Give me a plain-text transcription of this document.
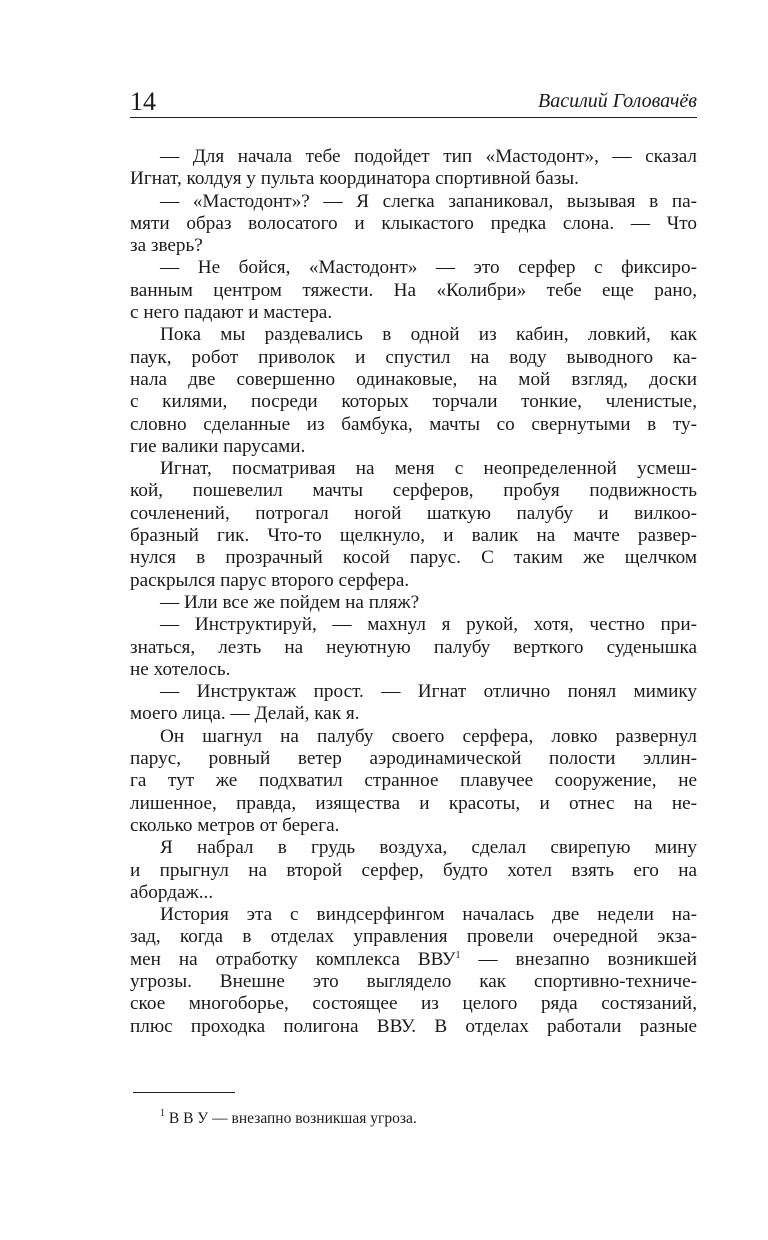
14	Василий Головачёв
— Для начала тебе подойдет тип «Мастодонт», — сказал
Игнат, колдуя у пульта координатора спортивной базы.
— «Мастодонт»? — Я слегка запаниковал, вызывая в па-
мяти образ волосатого и клыкастого предка слона. — Что
за зверь?
— Не бойся, «Мастодонт» — это серфер с фиксиро-
ванным центром тяжести. На «Колибри» тебе еще рано,
с него падают и мастера.
Пока мы раздевались в одной из кабин, ловкий, как
паук, робот приволок и спустил на воду выводного ка-
нала две совершенно одинаковые, на мой взгляд, доски
с килями, посреди которых торчали тонкие, членистые,
словно сделанные из бамбука, мачты со свернутыми в ту-
гие валики парусами.
Игнат, посматривая на меня с неопределенной усмеш-
кой, пошевелил мачты серферов, пробуя подвижность
сочленений, потрогал ногой шаткую палубу и вилкоо-
бразный гик. Что-то щелкнуло, и валик на мачте развер-
нулся в прозрачный косой парус. С таким же щелчком
раскрылся парус второго серфера.
— Или все же пойдем на пляж?
— Инструктируй, — махнул я рукой, хотя, честно при-
знаться, лезть на неуютную палубу верткого суденышка
не хотелось.
— Инструктаж прост. — Игнат отлично понял мимику
моего лица. — Делай, как я.
Он шагнул на палубу своего серфера, ловко развернул
парус, ровный ветер аэродинамической полости эллин-
га тут же подхватил странное плавучее сооружение, не
лишенное, правда, изящества и красоты, и отнес на не-
сколько метров от берега.
Я набрал в грудь воздуха, сделал свирепую мину
и прыгнул на второй серфер, будто хотел взять его на
абордаж...
История эта с виндсерфингом началась две недели на-
зад, когда в отделах управления провели очередной экза-
мен на отработку комплекса ВВУ$^1$ — внезапно возникшей
угрозы. Внешне это выглядело как спортивно-техниче-
ское многоборье, состоящее из целого ряда состязаний,
плюс проходка полигона ВВУ. В отделах работали разные
$^1$ В В У — внезапно возникшая угроза.
